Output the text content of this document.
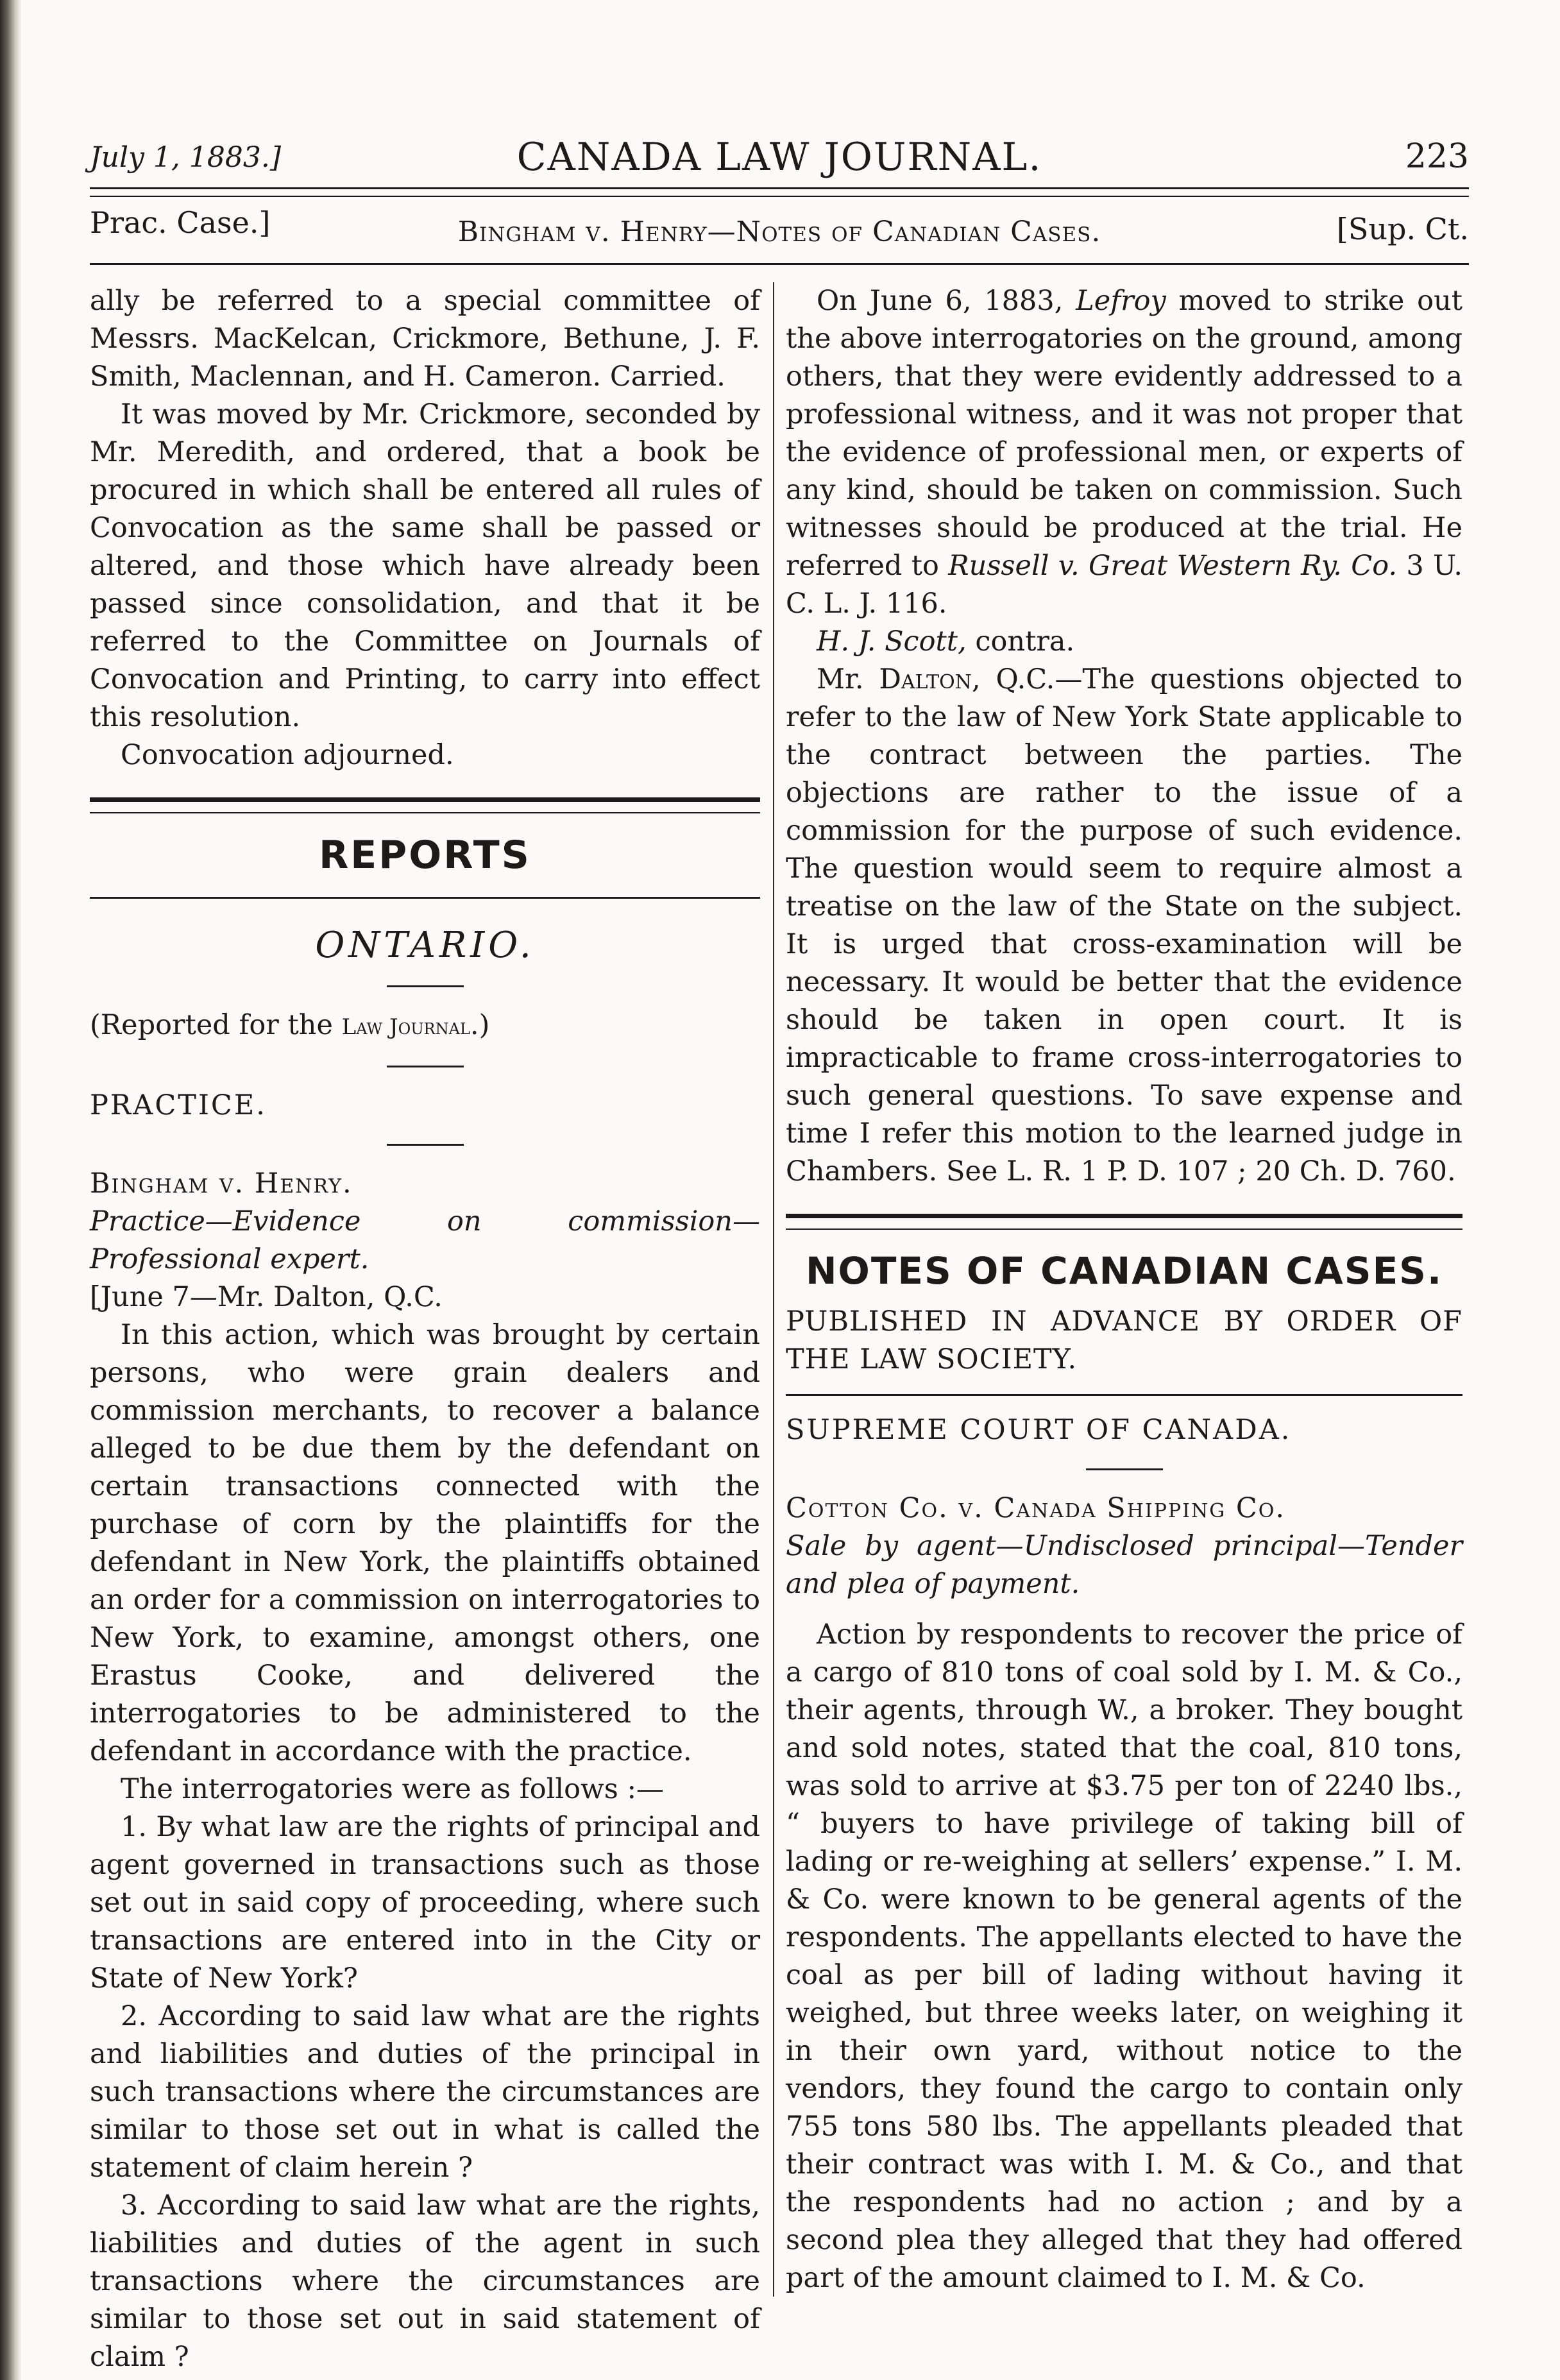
July 1, 1883.]	CANADA LAW JOURNAL.	223
Prac. Case.]	Bingham v. Henry—Notes of Canadian Cases.	[Sup. Ct.

ally be referred to a special committee of Messrs. MacKelcan, Crickmore, Bethune, J. F. Smith, Maclennan, and H. Cameron. Carried.

It was moved by Mr. Crickmore, seconded by Mr. Meredith, and ordered, that a book be procured in which shall be entered all rules of Convocation as the same shall be passed or altered, and those which have already been passed since consolidation, and that it be referred to the Committee on Journals of Convocation and Printing, to carry into effect this resolution.

Convocation adjourned.

REPORTS
ONTARIO.

(Reported for the Law Journal.)

PRACTICE.

Bingham v. Henry.

Practice—Evidence on commission—Professional expert.

[June 7—Mr. Dalton, Q.C.

In this action, which was brought by certain persons, who were grain dealers and commission merchants, to recover a balance alleged to be due them by the defendant on certain transactions connected with the purchase of corn by the plaintiffs for the defendant in New York, the plaintiffs obtained an order for a commission on interrogatories to New York, to examine, amongst others, one Erastus Cooke, and delivered the interrogatories to be administered to the defendant in accordance with the practice.

The interrogatories were as follows :—

1. By what law are the rights of principal and agent governed in transactions such as those set out in said copy of proceeding, where such transactions are entered into in the City or State of New York?

2. According to said law what are the rights and liabilities and duties of the principal in such transactions where the circumstances are similar to those set out in what is called the statement of claim herein ?

3. According to said law what are the rights, liabilities and duties of the agent in such transactions where the circumstances are similar to those set out in said statement of claim ?

On June 6, 1883, Lefroy moved to strike out the above interrogatories on the ground, among others, that they were evidently addressed to a professional witness, and it was not proper that the evidence of professional men, or experts of any kind, should be taken on commission. Such witnesses should be produced at the trial. He referred to Russell v. Great Western Ry. Co. 3 U. C. L. J. 116.

H. J. Scott, contra.

Mr. Dalton, Q.C.—The questions objected to refer to the law of New York State applicable to the contract between the parties. The objections are rather to the issue of a commission for the purpose of such evidence. The question would seem to require almost a treatise on the law of the State on the subject. It is urged that cross-examination will be necessary. It would be better that the evidence should be taken in open court. It is impracticable to frame cross-interrogatories to such general questions. To save expense and time I refer this motion to the learned judge in Chambers. See L. R. 1 P. D. 107 ; 20 Ch. D. 760.

NOTES OF CANADIAN CASES.

PUBLISHED IN ADVANCE BY ORDER OF THE LAW SOCIETY.

SUPREME COURT OF CANADA.

Cotton Co. v. Canada Shipping Co.

Sale by agent—Undisclosed principal—Tender and plea of payment.

Action by respondents to recover the price of a cargo of 810 tons of coal sold by I. M. & Co., their agents, through W., a broker. They bought and sold notes, stated that the coal, 810 tons, was sold to arrive at $3.75 per ton of 2240 lbs., “ buyers to have privilege of taking bill of lading or re-weighing at sellers’ expense.” I. M. & Co. were known to be general agents of the respondents. The appellants elected to have the coal as per bill of lading without having it weighed, but three weeks later, on weighing it in their own yard, without notice to the vendors, they found the cargo to contain only 755 tons 580 lbs. The appellants pleaded that their contract was with I. M. & Co., and that the respondents had no action ; and by a second plea they alleged that they had offered part of the amount claimed to I. M. & Co.
